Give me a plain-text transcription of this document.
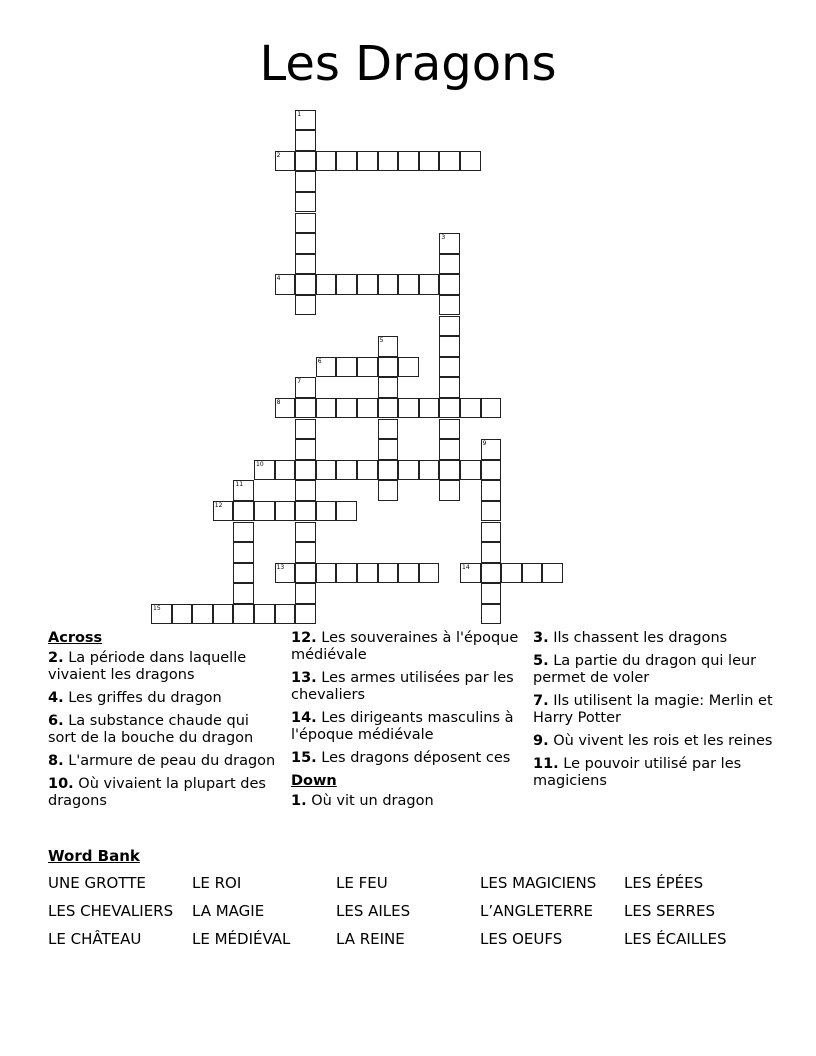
Les Dragons
1
2
3
4
5
6
7
8
9
10
11
12
13	14
15
Across
2. La période dans laquelle vivaient les dragons
4. Les griffes du dragon
6. La substance chaude qui sort de la bouche du dragon
8. L'armure de peau du dragon
10. Où vivaient la plupart des dragons
12. Les souveraines à l'époque médiévale
13. Les armes utilisées par les chevaliers
14. Les dirigeants masculins à l'époque médiévale
15. Les dragons déposent ces
Down
1. Où vit un dragon
3. Ils chassent les dragons
5. La partie du dragon qui leur permet de voler
7. Ils utilisent la magie: Merlin et Harry Potter
9. Où vivent les rois et les reines
11. Le pouvoir utilisé par les magiciens
Word Bank
UNE GROTTE	LE ROI	LE FEU	LES MAGICIENS	LES ÉPÉES
LES CHEVALIERS	LA MAGIE	LES AILES	L’ANGLETERRE	LES SERRES
LE CHÂTEAU	LE MÉDIÉVAL	LA REINE	LES OEUFS	LES ÉCAILLES
